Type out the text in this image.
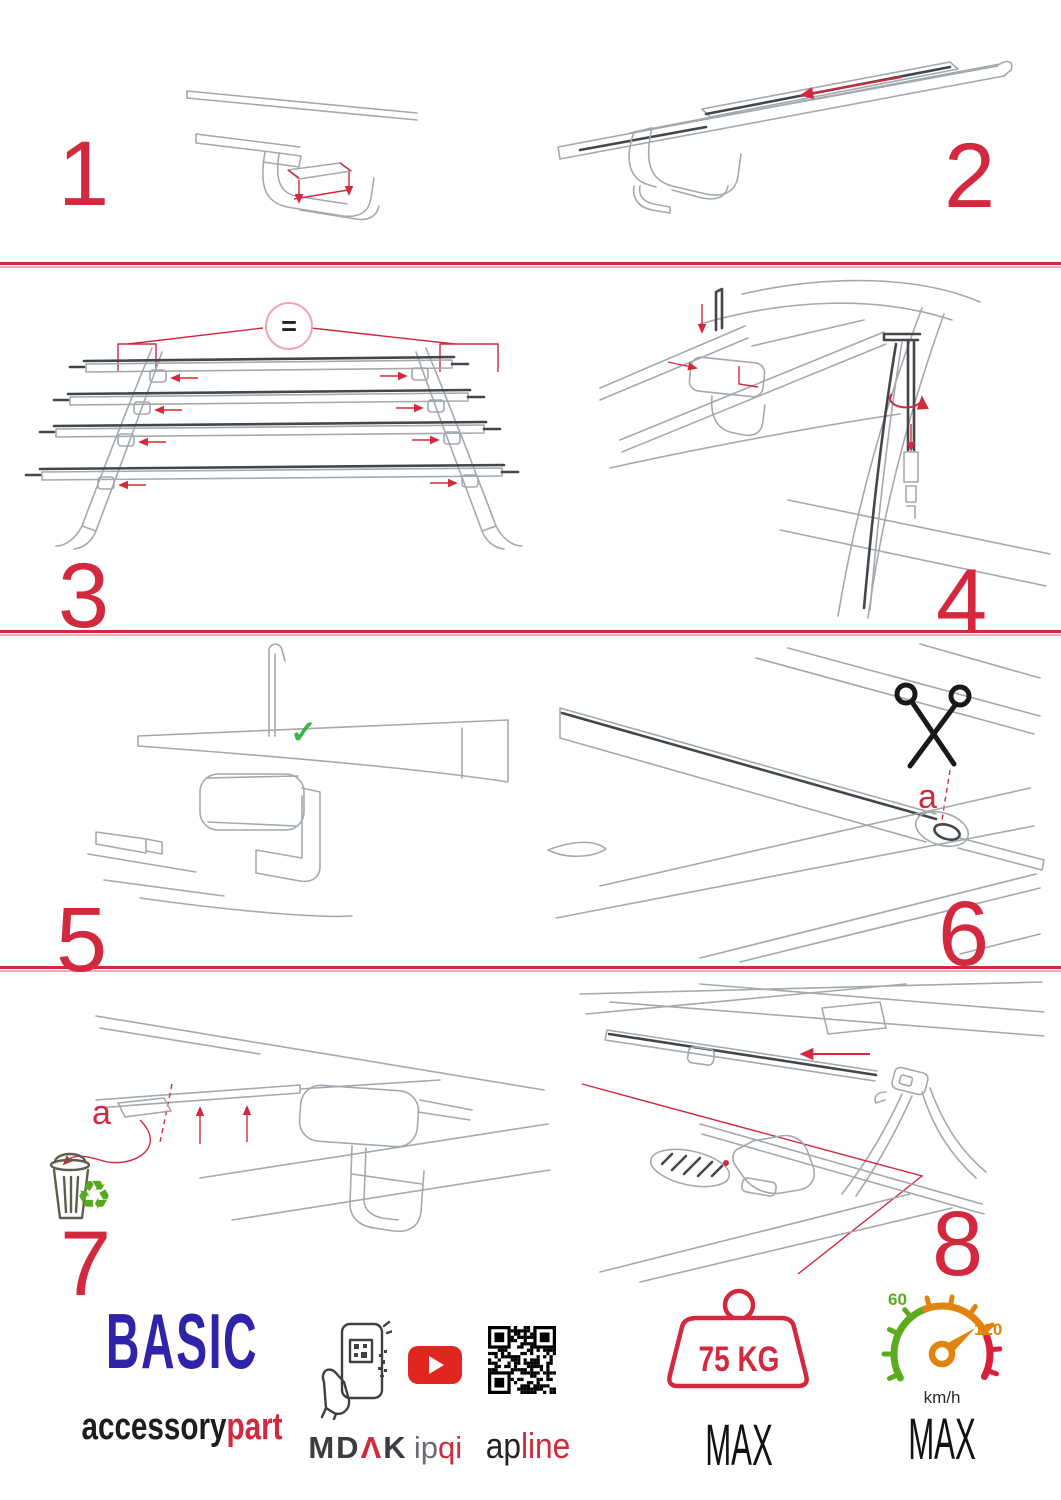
1	2
=
3	4
✓
a
5	6
a
♻
7	8
BASIC
accessorypart MDΛK ipqi apline
75 KG
MAX
60
120
km/h
MAX
